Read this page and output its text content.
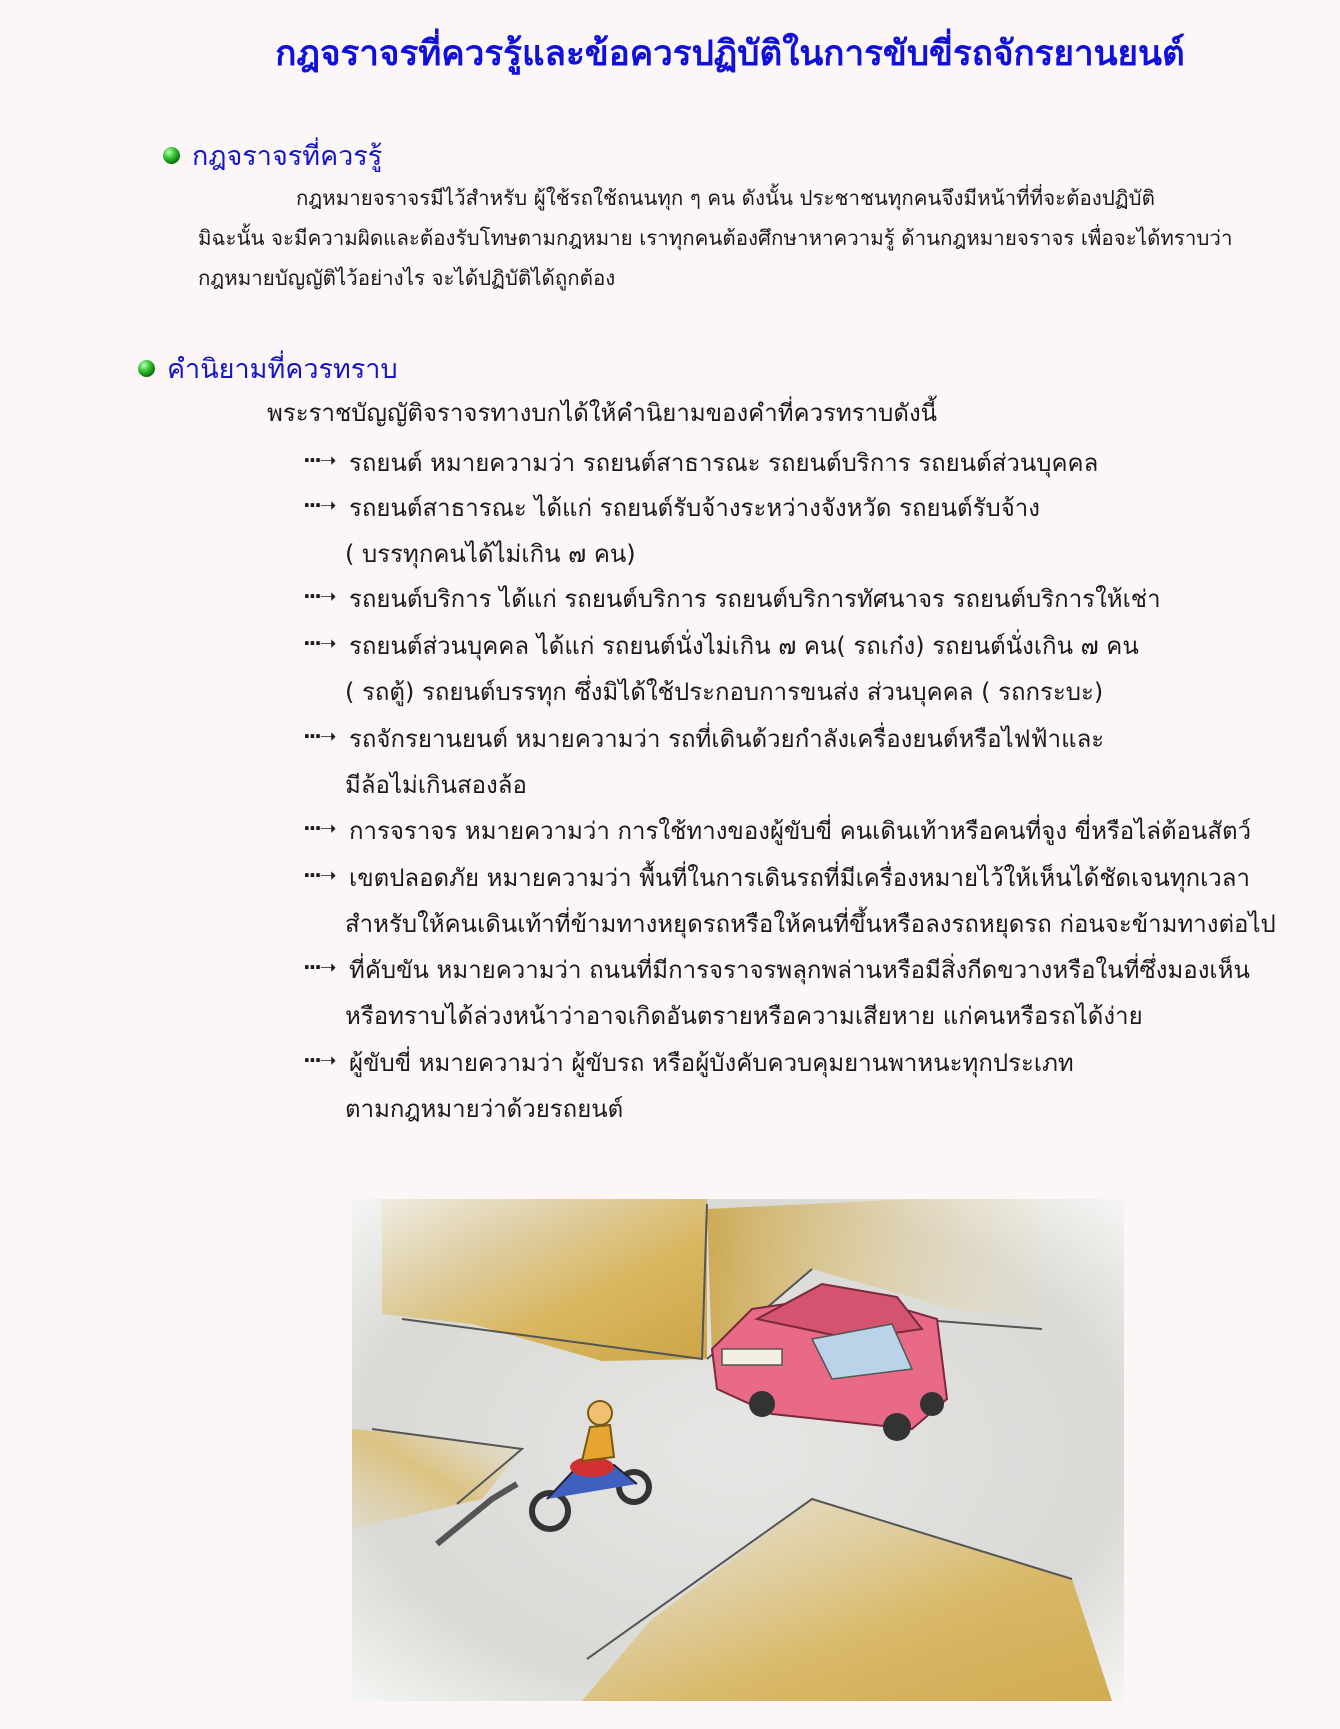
กฎจราจรที่ควรรู้และข้อควรปฏิบัติในการขับขี่รถจักรยานยนต์
กฎจราจรที่ควรรู้
กฎหมายจราจรมีไว้สำหรับ ผู้ใช้รถใช้ถนนทุก ๆ คน ดังนั้น ประชาชนทุกคนจึงมีหน้าที่ที่จะต้องปฏิบัติ
มิฉะนั้น จะมีความผิดและต้องรับโทษตามกฎหมาย เราทุกคนต้องศึกษาหาความรู้ ด้านกฎหมายจราจร เพื่อจะได้ทราบว่า
กฎหมายบัญญัติไว้อย่างไร จะได้ปฏิบัติได้ถูกต้อง
คำนิยามที่ควรทราบ
พระราชบัญญัติจราจรทางบกได้ให้คำนิยามของคำที่ควรทราบดังนี้
···➝ รถยนต์ หมายความว่า รถยนต์สาธารณะ รถยนต์บริการ รถยนต์ส่วนบุคคล
···➝ รถยนต์สาธารณะ ได้แก่ รถยนต์รับจ้างระหว่างจังหวัด รถยนต์รับจ้าง
( บรรทุกคนได้ไม่เกิน ๗ คน)
···➝ รถยนต์บริการ ได้แก่ รถยนต์บริการ รถยนต์บริการทัศนาจร รถยนต์บริการให้เช่า
···➝ รถยนต์ส่วนบุคคล ได้แก่ รถยนต์นั่งไม่เกิน ๗ คน( รถเก๋ง) รถยนต์นั่งเกิน ๗ คน
( รถตู้) รถยนต์บรรทุก ซึ่งมิได้ใช้ประกอบการขนส่ง ส่วนบุคคล ( รถกระบะ)
···➝ รถจักรยานยนต์ หมายความว่า รถที่เดินด้วยกำลังเครื่องยนต์หรือไฟฟ้าและ
มีล้อไม่เกินสองล้อ
···➝ การจราจร หมายความว่า การใช้ทางของผู้ขับขี่ คนเดินเท้าหรือคนที่จูง ขี่หรือไล่ต้อนสัตว์
···➝ เขตปลอดภัย หมายความว่า พื้นที่ในการเดินรถที่มีเครื่องหมายไว้ให้เห็นได้ชัดเจนทุกเวลา
สำหรับให้คนเดินเท้าที่ข้ามทางหยุดรถหรือให้คนที่ขึ้นหรือลงรถหยุดรถ ก่อนจะข้ามทางต่อไป
···➝ ที่คับขัน หมายความว่า ถนนที่มีการจราจรพลุกพล่านหรือมีสิ่งกีดขวางหรือในที่ซึ่งมองเห็น
หรือทราบได้ล่วงหน้าว่าอาจเกิดอันตรายหรือความเสียหาย แก่คนหรือรถได้ง่าย
···➝ ผู้ขับขี่ หมายความว่า ผู้ขับรถ หรือผู้บังคับควบคุมยานพาหนะทุกประเภท
ตามกฎหมายว่าด้วยรถยนต์
